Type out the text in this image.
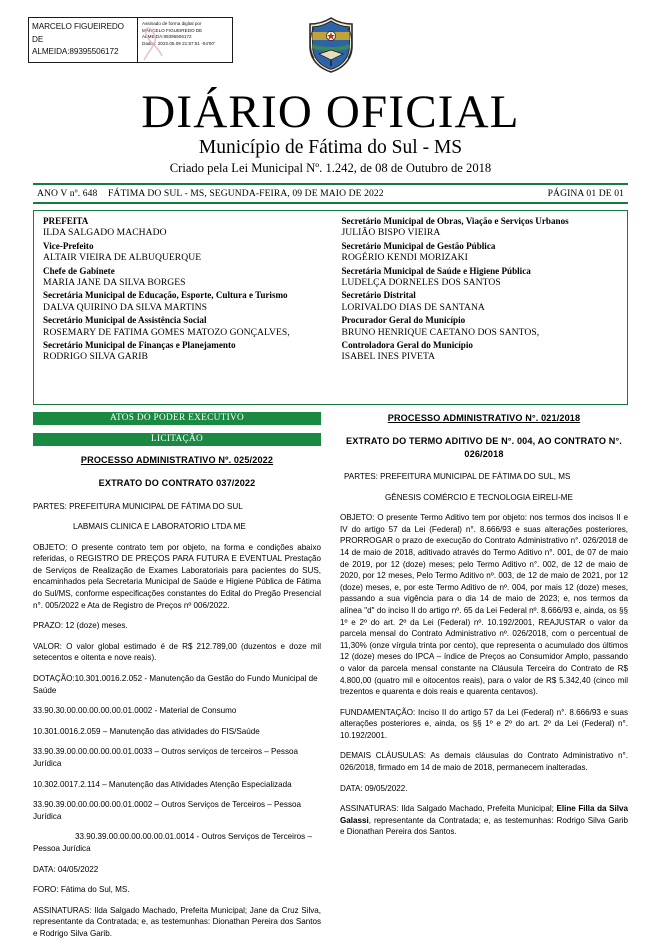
MARCELO FIGUEIREDO
DE
ALMEIDA:89395506172
Assinado de forma digital por
MARCELO FIGUEIREDO DE
ALMEIDA:89395506172
Dados: 2022.05.09 21:57:51 -04'00'
DIÁRIO OFICIAL
Município de Fátima do Sul - MS
Criado pela Lei Municipal Nº. 1.242, de 08 de Outubro de 2018
ANO V nº. 648 FÁTIMA DO SUL - MS, SEGUNDA-FEIRA, 09 DE MAIO DE 2022	PÁGINA 01 DE 01
PREFEITA
ILDA SALGADO MACHADO
Vice-Prefeito
ALTAIR VIEIRA DE ALBUQUERQUE
Chefe de Gabinete
MARIA JANE DA SILVA BORGES
Secretária Municipal de Educação, Esporte, Cultura e Turismo
DALVA QUIRINO DA SILVA MARTINS
Secretário Municipal de Assistência Social
ROSEMARY DE FATIMA GOMES MATOZO GONÇALVES,
Secretário Municipal de Finanças e Planejamento
RODRIGO SILVA GARIB
Secretário Municipal de Obras, Viação e Serviços Urbanos
JULIÃO BISPO VIEIRA
Secretário Municipal de Gestão Pública
ROGÉRIO KENDI MORIZAKI
Secretária Municipal de Saúde e Higiene Pública
LUDELÇA DORNELES DOS SANTOS
Secretário Distrital
LORIVALDO DIAS DE SANTANA
Procurador Geral do Município
BRUNO HENRIQUE CAETANO DOS SANTOS,
Controladora Geral do Município
ISABEL INES PIVETA
ATOS DO PODER EXECUTIVO
LICITAÇÃO
PROCESSO ADMINISTRATIVO Nº. 025/2022
EXTRATO DO CONTRATO 037/2022
PARTES: PREFEITURA MUNICIPAL DE FÁTIMA DO SUL
LABMAIS CLINICA E LABORATORIO LTDA ME
OBJETO: O presente contrato tem por objeto, na forma e condições abaixo referidas, o REGISTRO DE PREÇOS PARA FUTURA E EVENTUAL Prestação de Serviços de Realização de Exames Laboratoriais para pacientes do SUS, encaminhados pela Secretaria Municipal de Saúde e Higiene Pública de Fátima do Sul/MS, conforme especificações constantes do Edital do Pregão Presencial n°. 005/2022 e Ata de Registro de Preços nº 006/2022.
PRAZO: 12 (doze) meses.
VALOR: O valor global estimado é de R$ 212.789,00 (duzentos e doze mil setecentos e oitenta e nove reais).
DOTAÇÃO:10.301.0016.2.052 - Manutenção da Gestão do Fundo Municipal de Saúde
33.90.30.00.00.00.00.00.01.0002 - Material de Consumo
10.301.0016.2.059 – Manutenção das atividades do FIS/Saúde
33.90.39.00.00.00.00.00.01.0033 – Outros serviços de terceiros – Pessoa Jurídica
10.302.0017.2.114 – Manutenção das Atividades Atenção Especializada
33.90.39.00.00.00.00.00.01.0002 – Outros Serviços de Terceiros – Pessoa Jurídica
33.90.39.00.00.00.00.00.01.0014 - Outros Serviços de Terceiros – Pessoa Jurídica
DATA: 04/05/2022
FORO: Fátima do Sul, MS.
ASSINATURAS: Ilda Salgado Machado, Prefeita Municipal; Jane da Cruz Silva, representante da Contratada; e, as testemunhas: Dionathan Pereira dos Santos e Rodrigo Silva Garib.
PROCESSO ADMINISTRATIVO N°. 021/2018
EXTRATO DO TERMO ADITIVO DE N°. 004, AO CONTRATO N°. 026/2018
PARTES: PREFEITURA MUNICIPAL DE FÁTIMA DO SUL, MS
GÊNESIS COMÉRCIO E TECNOLOGIA EIRELI-ME
OBJETO: O presente Termo Aditivo tem por objeto: nos termos dos incisos II e IV do artigo 57 da Lei (Federal) n°. 8.666/93 e suas alterações posteriores, PRORROGAR o prazo de execução do Contrato Administrativo n°. 026/2018 de 14 de maio de 2018, aditivado através do Termo Aditivo n°. 001, de 07 de maio de 2019, por 12 (doze) meses; pelo Termo Aditivo n°. 002, de 12 de maio de 2020, por 12 meses, Pelo Termo Aditivo nº. 003, de 12 de maio de 2021, por 12 (doze) meses, e, por este Termo Aditivo de nº. 004, por mais 12 (doze) meses, passando a sua vigência para o dia 14 de maio de 2023; e, nos termos da alínea "d" do inciso II do artigo nº. 65 da Lei Federal nº. 8.666/93 e, ainda, os §§ 1º e 2º do art. 2º da Lei (Federal) nº. 10.192/2001, REAJUSTAR o valor da parcela mensal do Contrato Administrativo nº. 026/2018, com o percentual de 11,30% (onze vírgula trinta por cento), que representa o acumulado dos últimos 12 (doze) meses do IPCA – índice de Preços ao Consumidor Amplo, passando o valor da parcela mensal constante na Cláusula Terceira do Contrato de R$ 4.800,00 (quatro mil e oitocentos reais), para o valor de R$ 5.342,40 (cinco mil trezentos e quarenta e dois reais e quarenta centavos).
FUNDAMENTAÇÃO: Inciso II do artigo 57 da Lei (Federal) n°. 8.666/93 e suas alterações posteriores e, ainda, os §§ 1º e 2º do art. 2º da Lei (Federal) n°. 10.192/2001.
DEMAIS CLÁUSULAS: As demais cláusulas do Contrato Administrativo n°. 026/2018, firmado em 14 de maio de 2018, permanecem inalteradas.
DATA: 09/05/2022.
ASSINATURAS: Ilda Salgado Machado, Prefeita Municipal; Eline Filla da Silva Galassi, representante da Contratada; e, as testemunhas: Rodrigo Silva Garib e Dionathan Pereira dos Santos.
